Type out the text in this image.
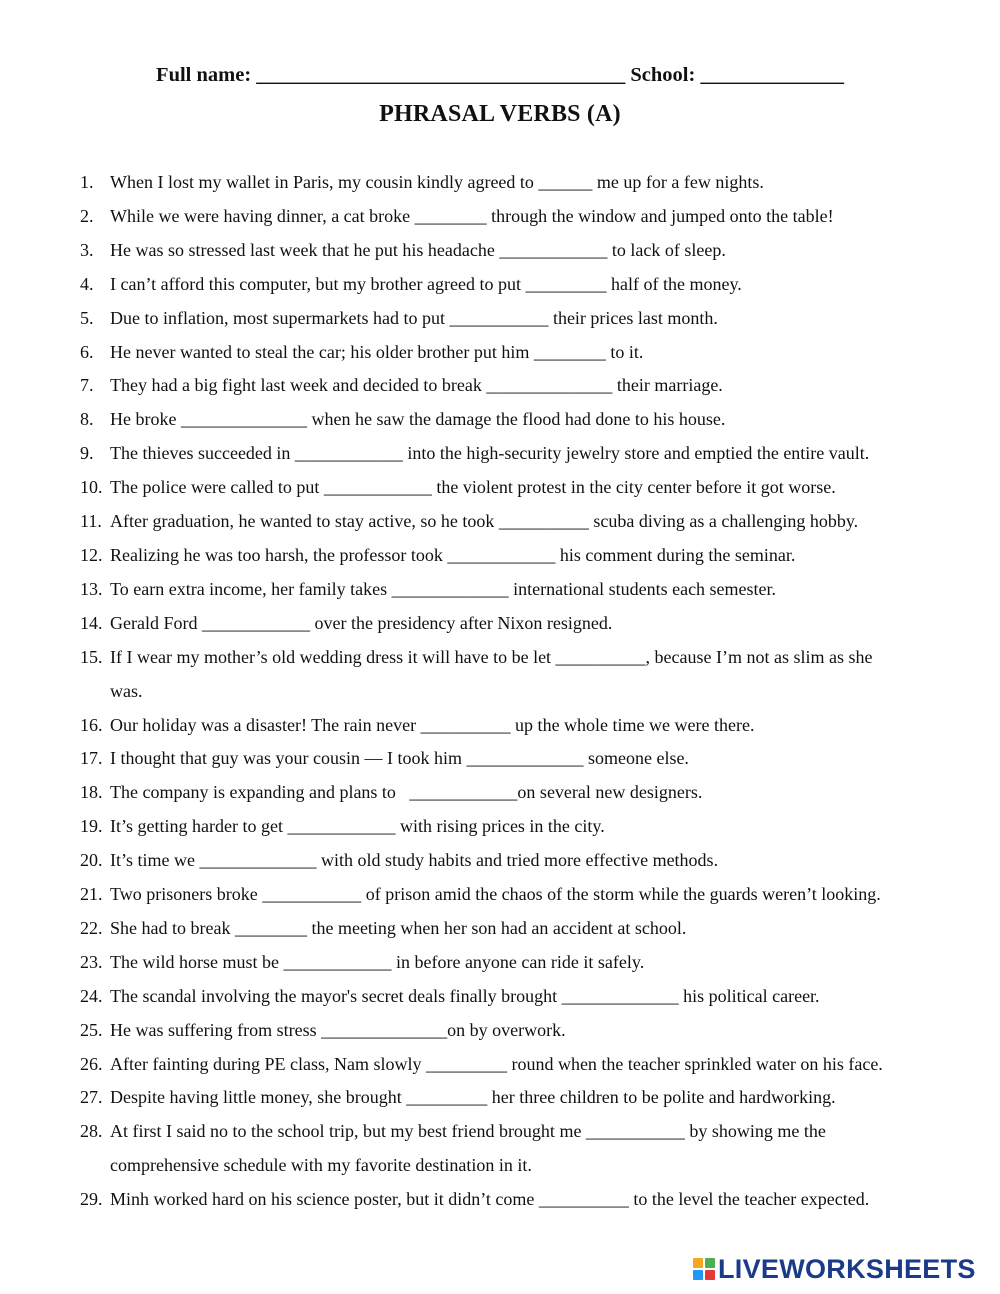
Full name: ____________________________________ School: ______________
PHRASAL VERBS (A)
1. When I lost my wallet in Paris, my cousin kindly agreed to ______ me up for a few nights.
2. While we were having dinner, a cat broke ________ through the window and jumped onto the table!
3. He was so stressed last week that he put his headache ____________ to lack of sleep.
4. I can’t afford this computer, but my brother agreed to put _________ half of the money.
5. Due to inflation, most supermarkets had to put ___________ their prices last month.
6. He never wanted to steal the car; his older brother put him ________ to it.
7. They had a big fight last week and decided to break ______________ their marriage.
8. He broke ______________ when he saw the damage the flood had done to his house.
9. The thieves succeeded in ____________ into the high-security jewelry store and emptied the entire vault.
10. The police were called to put ____________ the violent protest in the city center before it got worse.
11. After graduation, he wanted to stay active, so he took __________ scuba diving as a challenging hobby.
12. Realizing he was too harsh, the professor took ____________ his comment during the seminar.
13. To earn extra income, her family takes _____________ international students each semester.
14. Gerald Ford ____________ over the presidency after Nixon resigned.
15. If I wear my mother’s old wedding dress it will have to be let __________, because I’m not as slim as she
was.
16. Our holiday was a disaster! The rain never __________ up the whole time we were there.
17. I thought that guy was your cousin — I took him _____________ someone else.
18. The company is expanding and plans to   ____________on several new designers.
19. It’s getting harder to get ____________ with rising prices in the city.
20. It’s time we _____________ with old study habits and tried more effective methods.
21. Two prisoners broke ___________ of prison amid the chaos of the storm while the guards weren’t looking.
22. She had to break ________ the meeting when her son had an accident at school.
23. The wild horse must be ____________ in before anyone can ride it safely.
24. The scandal involving the mayor's secret deals finally brought _____________ his political career.
25. He was suffering from stress ______________on by overwork.
26. After fainting during PE class, Nam slowly _________ round when the teacher sprinkled water on his face.
27. Despite having little money, she brought _________ her three children to be polite and hardworking.
28. At first I said no to the school trip, but my best friend brought me ___________ by showing me the
comprehensive schedule with my favorite destination in it.
29. Minh worked hard on his science poster, but it didn’t come __________ to the level the teacher expected.
LIVEWORKSHEETS
